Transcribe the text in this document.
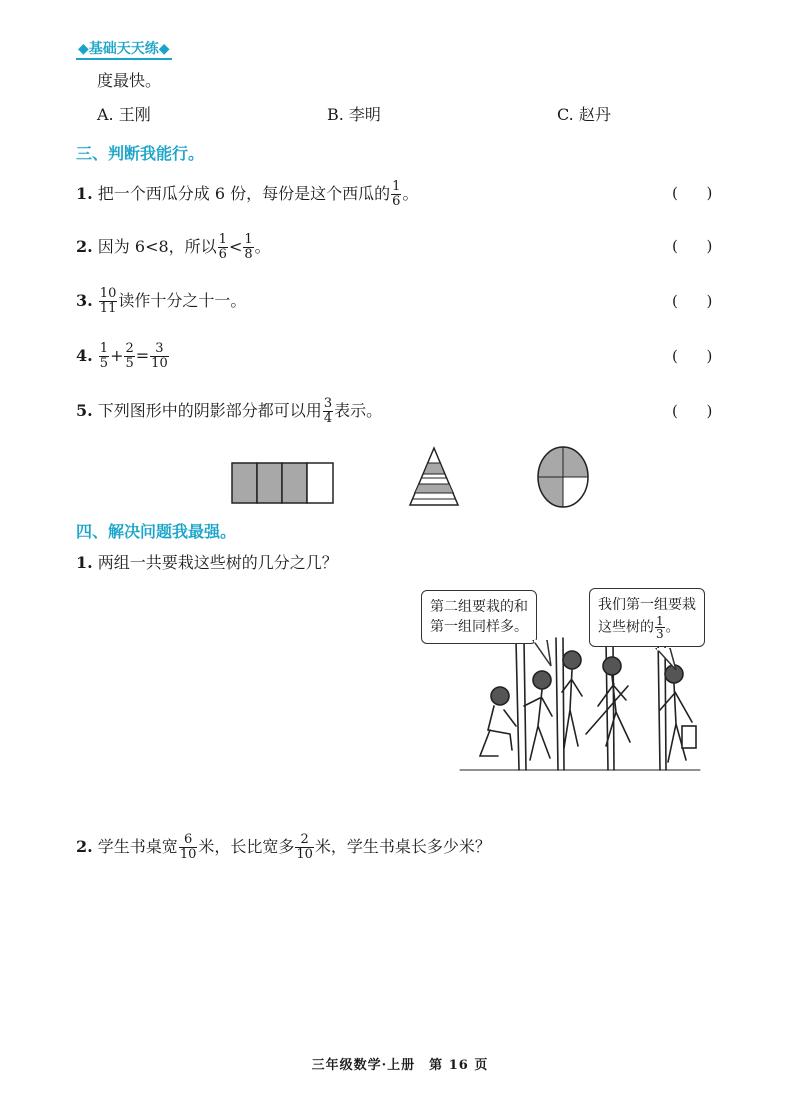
◆基础天天练◆
度最快。
A. 王刚	B. 李明	C. 赵丹
三、判断我能行。
1. 把一个西瓜分成 6 份，每份是这个西瓜的 $\frac{1}{6}$ 。	(      )
2. 因为 6<8，所以 $\frac{1}{6} < \frac{1}{8}$ 。	(      )
3. $\frac{10}{11}$ 读作十分之十一。	(      )
4. $\frac{1}{5} + \frac{2}{5} = \frac{3}{10}$	(      )
5. 下列图形中的阴影部分都可以用 $\frac{3}{4}$ 表示。	(      )
四、解决问题我最强。
1. 两组一共要栽这些树的几分之几？
第二组要栽的和
第一组同样多。
我们第一组要栽
这些树的 $\frac{1}{3}$ 。
2. 学生书桌宽 $\frac{6}{10}$ 米，长比宽多 $\frac{2}{10}$ 米，学生书桌长多少米？
三年级数学·上册　第 16 页
